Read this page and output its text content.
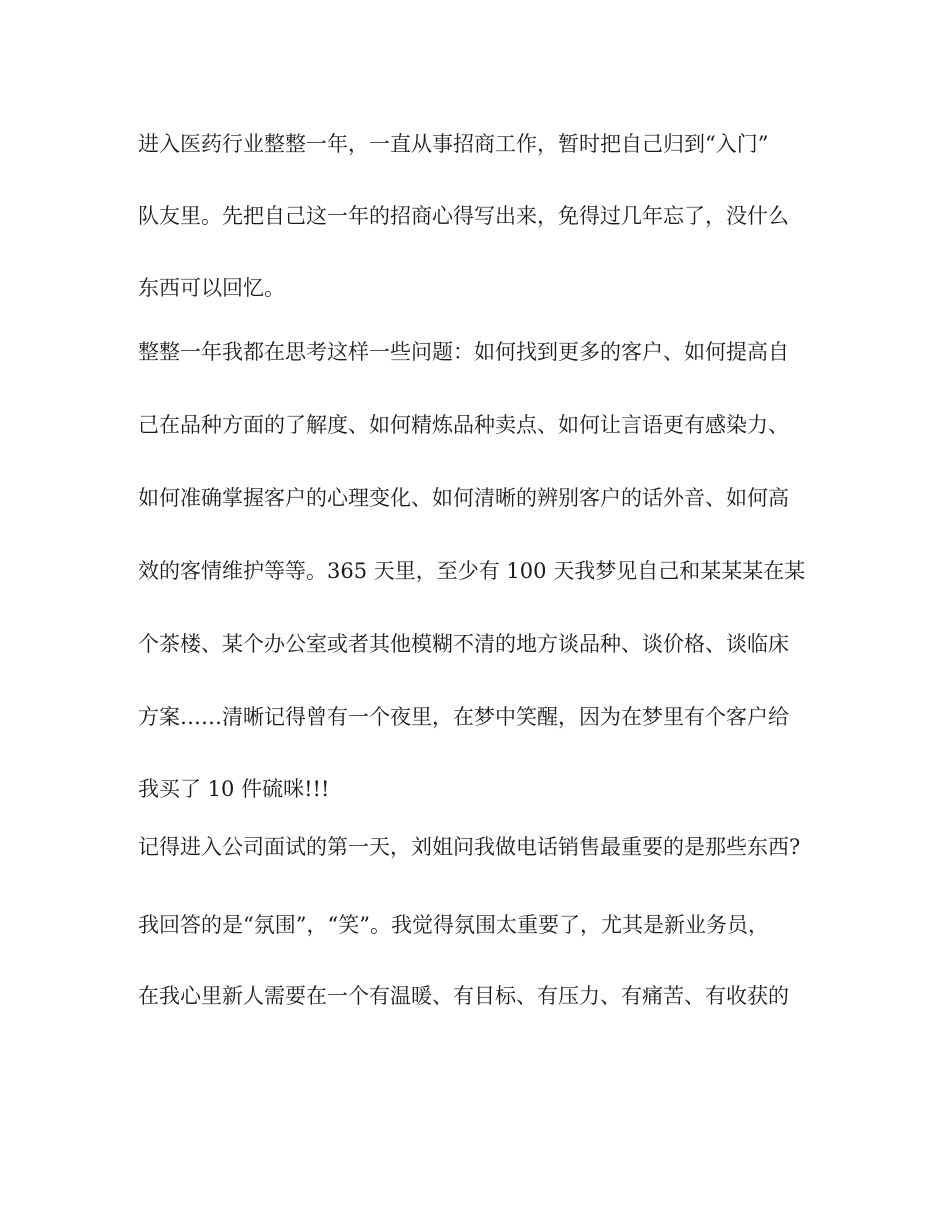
进入医药行业整整一年，一直从事招商工作，暂时把自己归到“入门”
队友里。先把自己这一年的招商心得写出来，免得过几年忘了，没什么
东西可以回忆。
整整一年我都在思考这样一些问题：如何找到更多的客户、如何提高自
己在品种方面的了解度、如何精炼品种卖点、如何让言语更有感染力、
如何准确掌握客户的心理变化、如何清晰的辨别客户的话外音、如何高
效的客情维护等等。365 天里，至少有 100 天我梦见自己和某某某在某
个茶楼、某个办公室或者其他模糊不清的地方谈品种、谈价格、谈临床
方案……清晰记得曾有一个夜里，在梦中笑醒，因为在梦里有个客户给
我买了 10 件硫咪!!!
记得进入公司面试的第一天，刘姐问我做电话销售最重要的是那些东西?
我回答的是“氛围”，“笑”。我觉得氛围太重要了，尤其是新业务员，
在我心里新人需要在一个有温暖、有目标、有压力、有痛苦、有收获的
